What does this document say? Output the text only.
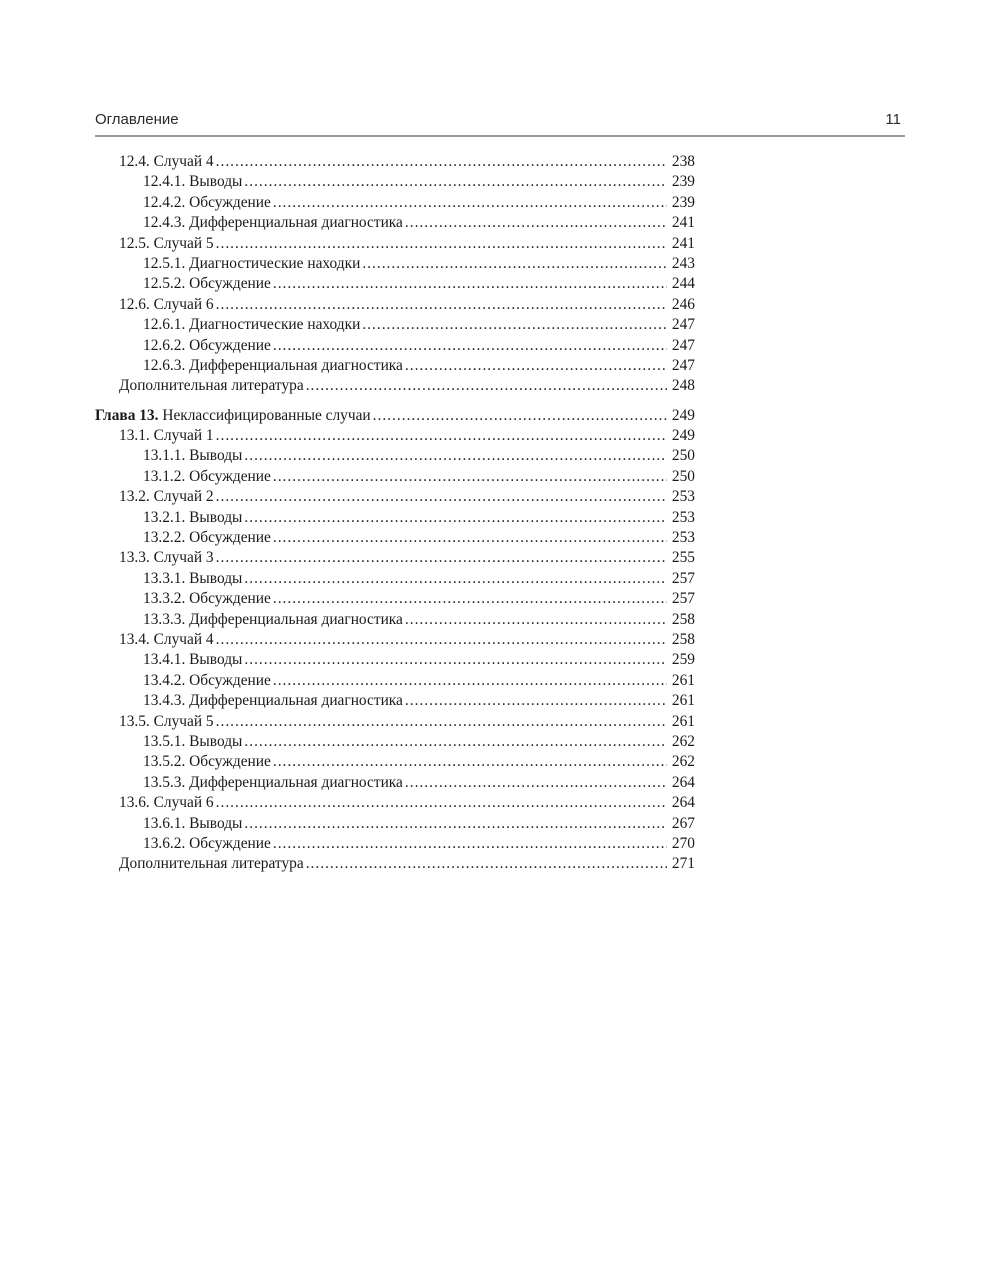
Оглавление	11
12.4. Случай 4 .....	238
12.4.1. Выводы .....	239
12.4.2. Обсуждение .....	239
12.4.3. Дифференциальная диагностика .....	241
12.5. Случай 5 .....	241
12.5.1. Диагностические находки .....	243
12.5.2. Обсуждение .....	244
12.6. Случай 6 .....	246
12.6.1. Диагностические находки .....	247
12.6.2. Обсуждение .....	247
12.6.3. Дифференциальная диагностика .....	247
Дополнительная литература .....	248
Глава 13. Неклассифицированные случаи .....	249
13.1. Случай 1 .....	249
13.1.1. Выводы .....	250
13.1.2. Обсуждение .....	250
13.2. Случай 2 .....	253
13.2.1. Выводы .....	253
13.2.2. Обсуждение .....	253
13.3. Случай 3 .....	255
13.3.1. Выводы .....	257
13.3.2. Обсуждение .....	257
13.3.3. Дифференциальная диагностика .....	258
13.4. Случай 4 .....	258
13.4.1. Выводы .....	259
13.4.2. Обсуждение .....	261
13.4.3. Дифференциальная диагностика .....	261
13.5. Случай 5 .....	261
13.5.1. Выводы .....	262
13.5.2. Обсуждение .....	262
13.5.3. Дифференциальная диагностика .....	264
13.6. Случай 6 .....	264
13.6.1. Выводы .....	267
13.6.2. Обсуждение .....	270
Дополнительная литература .....	271
